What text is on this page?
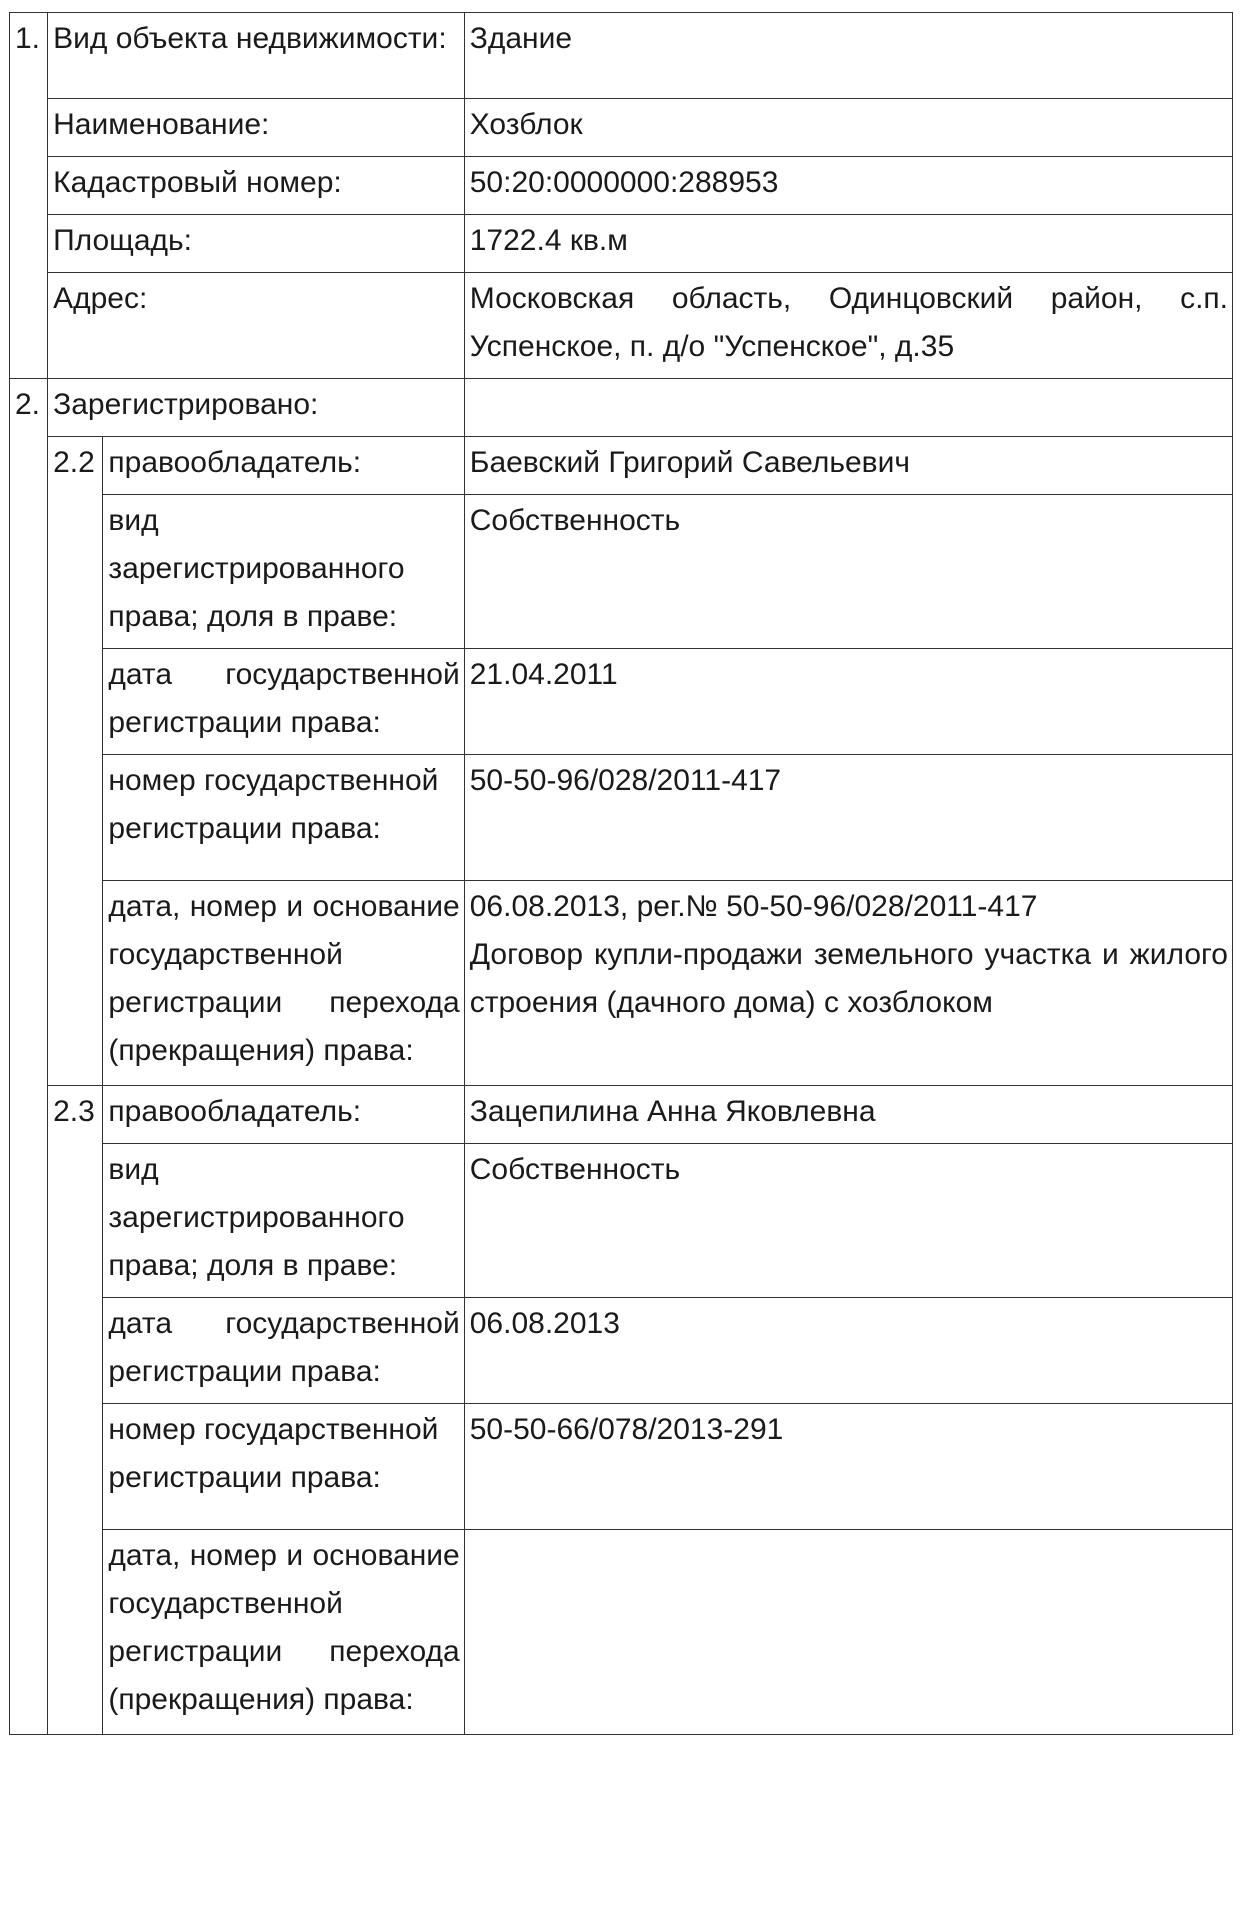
1.	Вид объекта недвижимости:		Здание
	Наименование:		Хозблок
	Кадастровый номер:		50:20:0000000:288953
	Площадь:		1722.4 кв.м
	Адрес:		Московская область, Одинцовский район, с.п. Успенское, п. д/о "Успенское", д.35
2.	Зарегистрировано:		
	2.2	правообладатель:	Баевский Григорий Савельевич
		вид зарегистрированного права; доля в праве:	Собственность
		дата государственной регистрации права:	21.04.2011
		номер государственной регистрации права:	50-50-96/028/2011-417
		дата, номер и основание государственной регистрации перехода (прекращения) права:	06.08.2013, рег.№ 50-50-96/028/2011-417
Договор купли-продажи земельного участка и жилого строения (дачного дома) с хозблоком

	2.3	правообладатель:	Зацепилина Анна Яковлевна
		вид зарегистрированного права; доля в праве:	Собственность
		дата государственной регистрации права:	06.08.2013
		номер государственной регистрации права:	50-50-66/078/2013-291
		дата, номер и основание государственной регистрации перехода (прекращения) права:	
